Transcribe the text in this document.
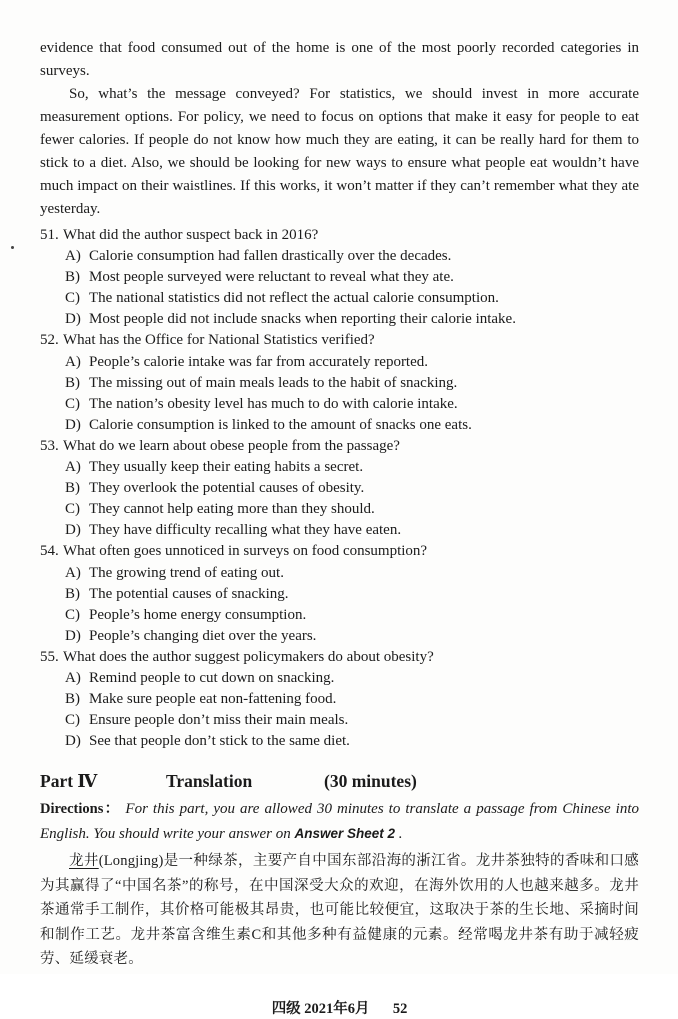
evidence that food consumed out of the home is one of the most poorly recorded categories in surveys.

So, what’s the message conveyed? For statistics, we should invest in more accurate measurement options. For policy, we need to focus on options that make it easy for people to eat fewer calories. If people do not know how much they are eating, it can be really hard for them to stick to a diet. Also, we should be looking for new ways to ensure what people eat wouldn’t have much impact on their waistlines. If this works, it won’t matter if they can’t remember what they ate yesterday.

51. What did the author suspect back in 2016?
A) Calorie consumption had fallen drastically over the decades.
B) Most people surveyed were reluctant to reveal what they ate.
C) The national statistics did not reflect the actual calorie consumption.
D) Most people did not include snacks when reporting their calorie intake.
52. What has the Office for National Statistics verified?
A) People’s calorie intake was far from accurately reported.
B) The missing out of main meals leads to the habit of snacking.
C) The nation’s obesity level has much to do with calorie intake.
D) Calorie consumption is linked to the amount of snacks one eats.
53. What do we learn about obese people from the passage?
A) They usually keep their eating habits a secret.
B) They overlook the potential causes of obesity.
C) They cannot help eating more than they should.
D) They have difficulty recalling what they have eaten.
54. What often goes unnoticed in surveys on food consumption?
A) The growing trend of eating out.
B) The potential causes of snacking.
C) People’s home energy consumption.
D) People’s changing diet over the years.
55. What does the author suggest policymakers do about obesity?
A) Remind people to cut down on snacking.
B) Make sure people eat non-fattening food.
C) Ensure people don’t miss their main meals.
D) See that people don’t stick to the same diet.
Part Ⅳ	Translation	(30 minutes)

Directions： For this part, you are allowed 30 minutes to translate a passage from Chinese into English. You should write your answer on Answer Sheet 2 .

龙井(Longjing)是一种绿茶，主要产自中国东部沿海的浙江省。龙井茶独特的香味和口感为其赢得了“中国名茶”的称号，在中国深受大众的欢迎，在海外饮用的人也越来越多。龙井茶通常手工制作，其价格可能极其昂贵，也可能比较便宜，这取决于茶的生长地、采摘时间和制作工艺。龙井茶富含维生素C和其他多种有益健康的元素。经常喝龙井茶有助于减轻疲劳、延缓衰老。

四级 2021年6月 52
